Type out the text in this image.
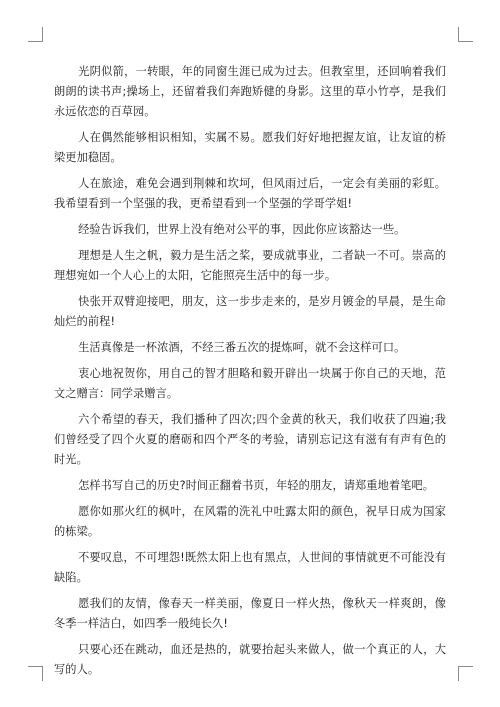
光阴似箭，一转眼，年的同窗生涯已成为过去。但教室里，还回响着我们朗朗的读书声;操场上，还留着我们奔跑矫健的身影。这里的草小竹亭，是我们永远依恋的百草园。

人在偶然能够相识相知，实属不易。愿我们好好地把握友谊，让友谊的桥梁更加稳固。

人在旅途，难免会遇到荆棘和坎坷，但风雨过后，一定会有美丽的彩虹。我希望看到一个坚强的我，更希望看到一个坚强的学哥学姐!

经验告诉我们，世界上没有绝对公平的事，因此你应该豁达一些。

理想是人生之帆，毅力是生活之桨，要成就事业，二者缺一不可。崇高的理想宛如一个人心上的太阳，它能照亮生活中的每一步。

快张开双臂迎接吧，朋友，这一步步走来的，是岁月镀金的早晨，是生命灿烂的前程!

生活真像是一杯浓酒，不经三番五次的提炼呵，就不会这样可口。

衷心地祝贺你，用自己的智才胆略和毅开辟出一块属于你自己的天地，范文之赠言：同学录赠言。

六个希望的春天，我们播种了四次;四个金黄的秋天，我们收获了四遍;我们曾经受了四个火夏的磨砺和四个严冬的考验，请别忘记这有滋有有声有色的时光。

怎样书写自己的历史?时间正翻着书页，年轻的朋友，请郑重地着笔吧。

愿你如那火红的枫叶，在风霜的洗礼中吐露太阳的颜色，祝早日成为国家的栋梁。

不要叹息，不可埋怨!既然太阳上也有黑点，人世间的事情就更不可能没有缺陷。

愿我们的友情，像春天一样美丽，像夏日一样火热，像秋天一样爽朗，像冬季一样洁白，如四季一般纯长久!

只要心还在跳动，血还是热的，就要抬起头来做人，做一个真正的人，大写的人。
